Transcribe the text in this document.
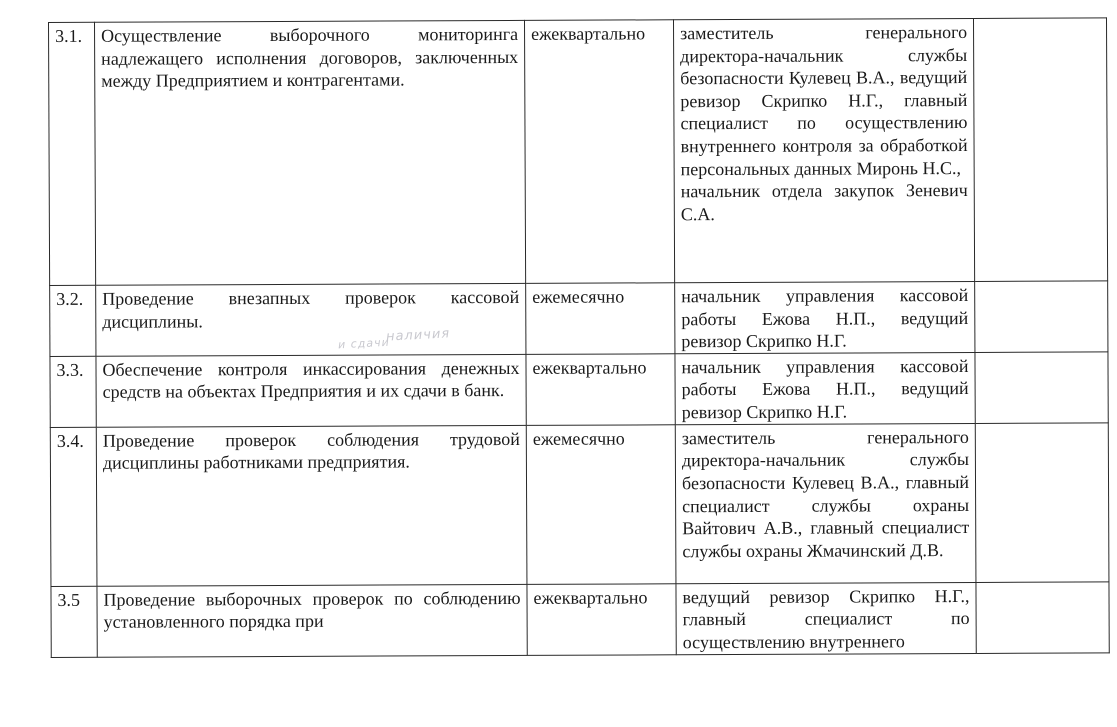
3.1.	Осуществление выборочного мониторинга надлежащего исполнения договоров, заключенных между Предприятием и контрагентами.	ежеквартально	заместитель генерального директора-начальник службы безопасности Кулевец В.А., ведущий ревизор Скрипко Н.Г., главный специалист по осуществлению внутреннего контроля за обработкой персональных данных Миронь Н.С.,
начальник отдела закупок Зеневич С.А.	

3.2.	Проведение внезапных проверок кассовой дисциплины.	ежемесячно	начальник управления кассовой работы Ежова Н.П., ведущий ревизор Скрипко Н.Г.	
3.3.	Обеспечение контроля инкассирования денежных средств на объектах Предприятия и их сдачи в банк.	ежеквартально	начальник управления кассовой работы Ежова Н.П., ведущий ревизор Скрипко Н.Г.	
3.4.	Проведение проверок соблюдения трудовой дисциплины работниками предприятия.	ежемесячно	заместитель генерального директора-начальник службы безопасности Кулевец В.А., главный специалист службы охраны Вайтович А.В., главный специалист службы охраны Жмачинский Д.В.	
3.5	Проведение выборочных проверок по соблюдению установленного порядка при	ежеквартально	ведущий ревизор Скрипко Н.Г., главный специалист по осуществлению внутреннего	
наличия
и сдачи
